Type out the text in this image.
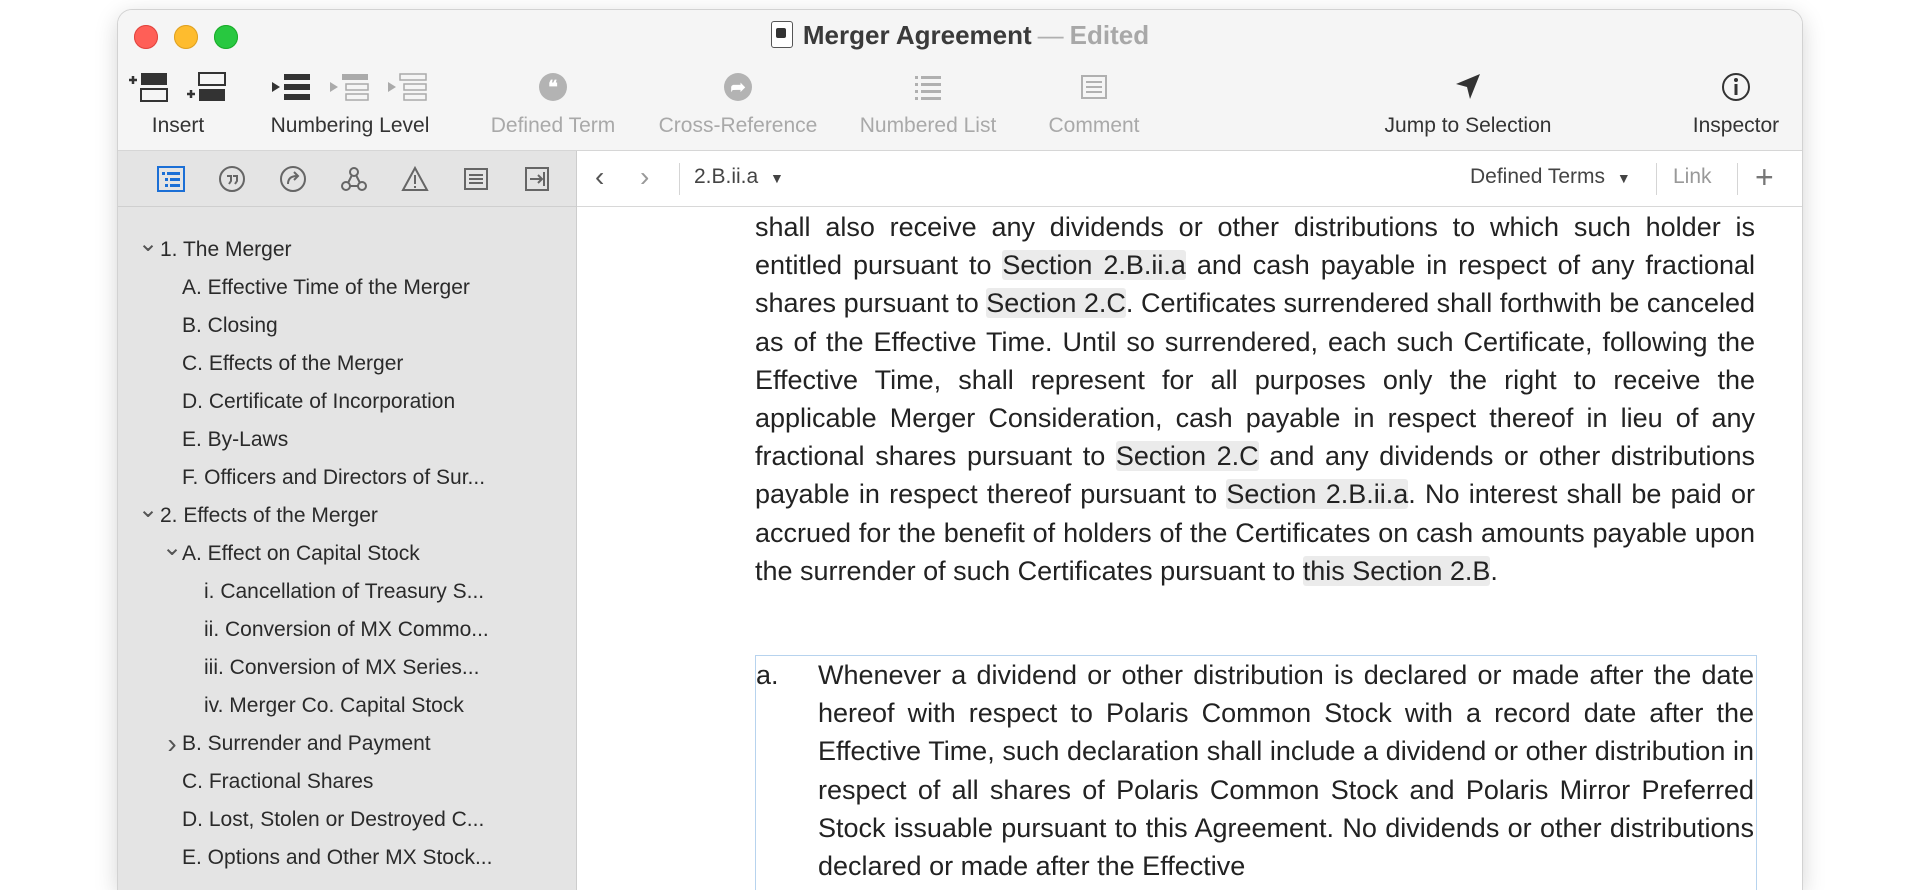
Merger Agreement — Edited
Insert	Numbering Level
❝
Defined Term
➦
Cross-Reference	Numbered List	Comment	Jump to Selection	Inspector
⌄ 1. The Merger
A. Effective Time of the Merger
B. Closing
C. Effects of the Merger
D. Certificate of Incorporation
E. By-Laws
F. Officers and Directors of Sur...
⌄ 2. Effects of the Merger
⌄ A. Effect on Capital Stock
i. Cancellation of Treasury S...
ii. Conversion of MX Commo...
iii. Conversion of MX Series...
iv. Merger Co. Capital Stock
› B. Surrender and Payment
C. Fractional Shares
D. Lost, Stolen or Destroyed C...
E. Options and Other MX Stock...
‹ › 2.B.ii.a ▼	Defined Terms ▼ Link +

shall also receive any dividends or other distributions to which such holder is entitled pursuant to Section 2.B.ii.a and cash payable in respect of any fractional shares pursuant to Section 2.C. Certificates surrendered shall forthwith be canceled as of the Effective Time. Until so surrendered, each such Certificate, following the Effective Time, shall represent for all purposes only the right to receive the applicable Merger Consideration, cash payable in respect thereof in lieu of any fractional shares pursuant to Section 2.C and any dividends or other distributions payable in respect thereof pursuant to Section 2.B.ii.a. No interest shall be paid or accrued for the benefit of holders of the Certificates on cash amounts payable upon the surrender of such Certificates pursuant to this Section 2.B.

a. Whenever a dividend or other distribution is declared or made after the date hereof with respect to Polaris Common Stock with a record date after the Effective Time, such declaration shall include a dividend or other distribution in respect of all shares of Polaris Common Stock and Polaris Mirror Preferred Stock issuable pursuant to this Agreement. No dividends or other distributions declared or made after the Effective
